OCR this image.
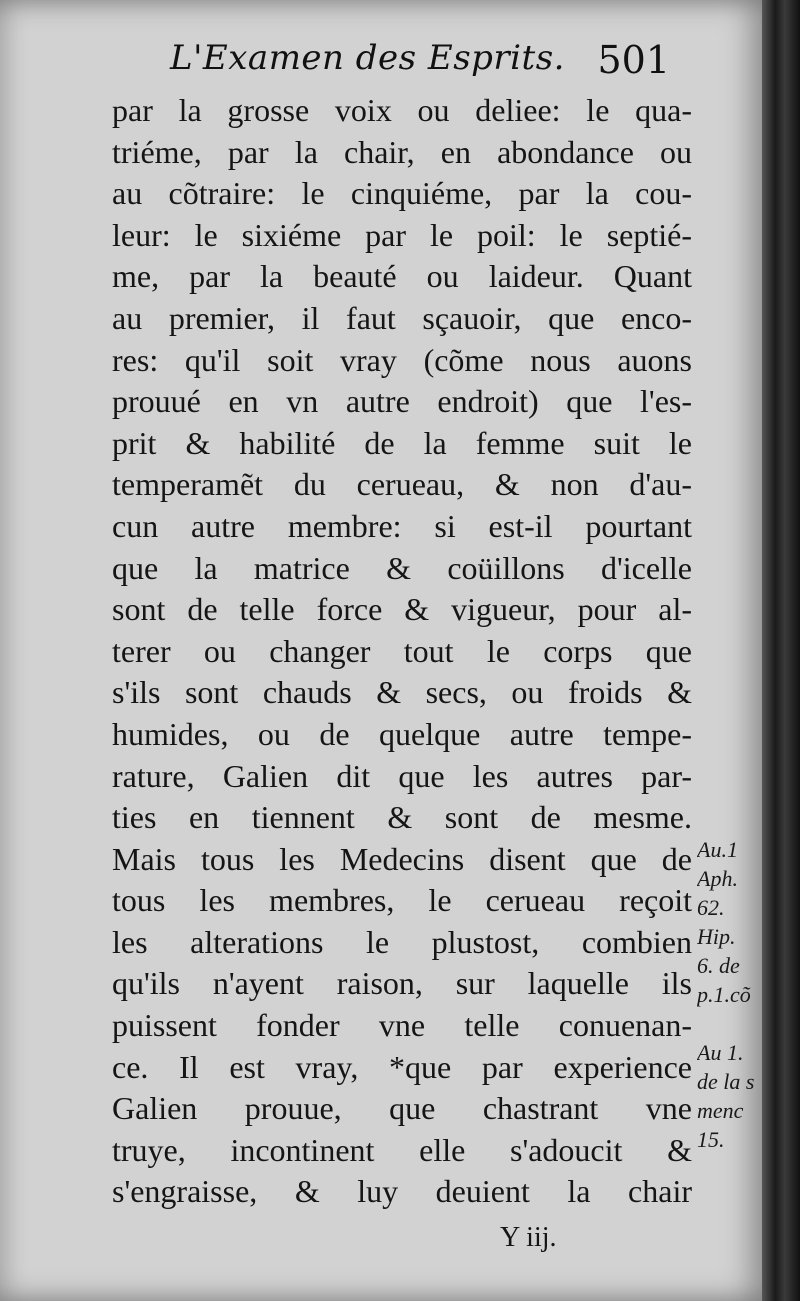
L'Examen des Esprits. 501
par la grosse voix ou deliee: le qua-
triéme, par la chair, en abondance ou
au cõtraire: le cinquiéme, par la cou-
leur: le sixiéme par le poil: le septié-
me, par la beauté ou laideur. Quant
au premier, il faut sçauoir, que enco-
res: qu'il soit vray (cõme nous auons
prouué en vn autre endroit) que l'es-
prit & habilité de la femme suit le
temperamẽt du cerueau, & non d'au-
cun autre membre: si est-il pourtant
que la matrice & coüillons d'icelle
sont de telle force & vigueur, pour al-
terer ou changer tout le corps que
s'ils sont chauds & secs, ou froids &
humides, ou de quelque autre tempe-
rature, Galien dit que les autres par-
ties en tiennent & sont de mesme.
Mais tous les Medecins disent que de
tous les membres, le cerueau reçoit
les alterations le plustost, combien
qu'ils n'ayent raison, sur laquelle ils
puissent fonder vne telle conuenan-
ce. Il est vray, *que par experience
Galien prouue, que chastrant vne
truye, incontinent elle s'adoucit &
s'engraisse, & luy deuient la chair
Au.1
Aph.
62.
Hip.
6. de
p.1.cõ
Au 1.
de la s
menc
15.
Y iij.
